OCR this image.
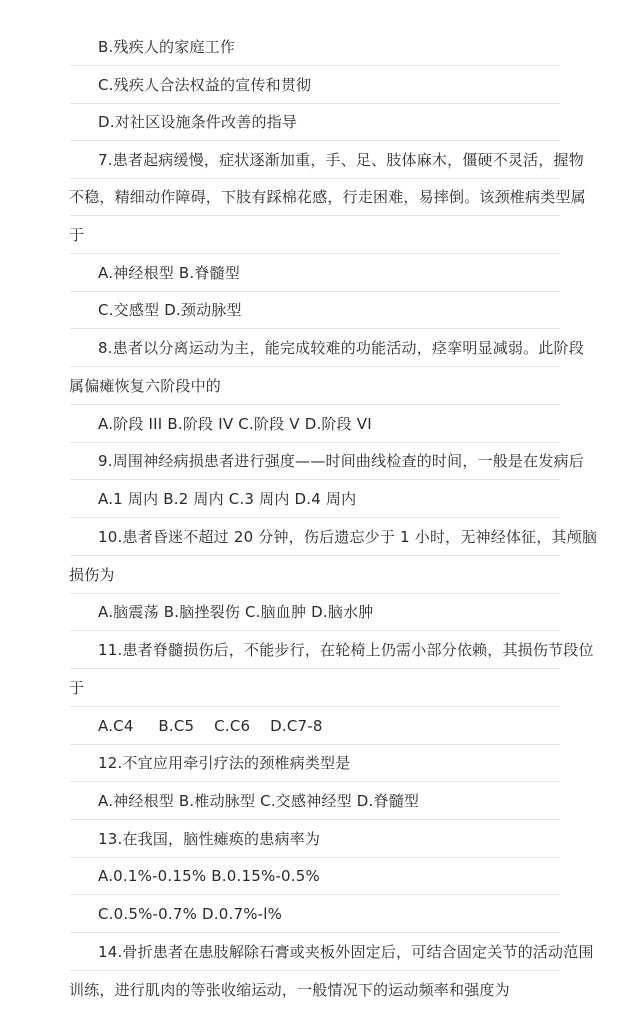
B.残疾人的家庭工作
C.残疾人合法权益的宣传和贯彻
D.对社区设施条件改善的指导
7.患者起病缓慢，症状逐渐加重，手、足、肢体麻木，僵硬不灵活，握物
不稳，精细动作障碍，下肢有踩棉花感，行走困难，易摔倒。该颈椎病类型属
于
A.神经根型 B.脊髓型
C.交感型 D.颈动脉型
8.患者以分离运动为主，能完成较难的功能活动，痉挛明显减弱。此阶段
属偏瘫恢复六阶段中的
A.阶段 III B.阶段 IV C.阶段 V D.阶段 VI
9.周围神经病损患者进行强度——时间曲线检查的时间，一般是在发病后
A.1 周内 B.2 周内 C.3 周内 D.4 周内
10.患者昏迷不超过 20 分钟，伤后遗忘少于 1 小时，无神经体征，其颅脑
损伤为
A.脑震荡 B.脑挫裂伤 C.脑血肿 D.脑水肿
11.患者脊髓损伤后，不能步行，在轮椅上仍需小部分依赖，其损伤节段位
于
A.C4     B.C5    C.C6    D.C7-8
12.不宜应用牵引疗法的颈椎病类型是
A.神经根型 B.椎动脉型 C.交感神经型 D.脊髓型
13.在我国，脑性瘫痪的患病率为
A.0.1%-0.15% B.0.15%-0.5%
C.0.5%-0.7% D.0.7%-l%
14.骨折患者在患肢解除石膏或夹板外固定后，可结合固定关节的活动范围
训练，进行肌肉的等张收缩运动，一般情况下的运动频率和强度为
